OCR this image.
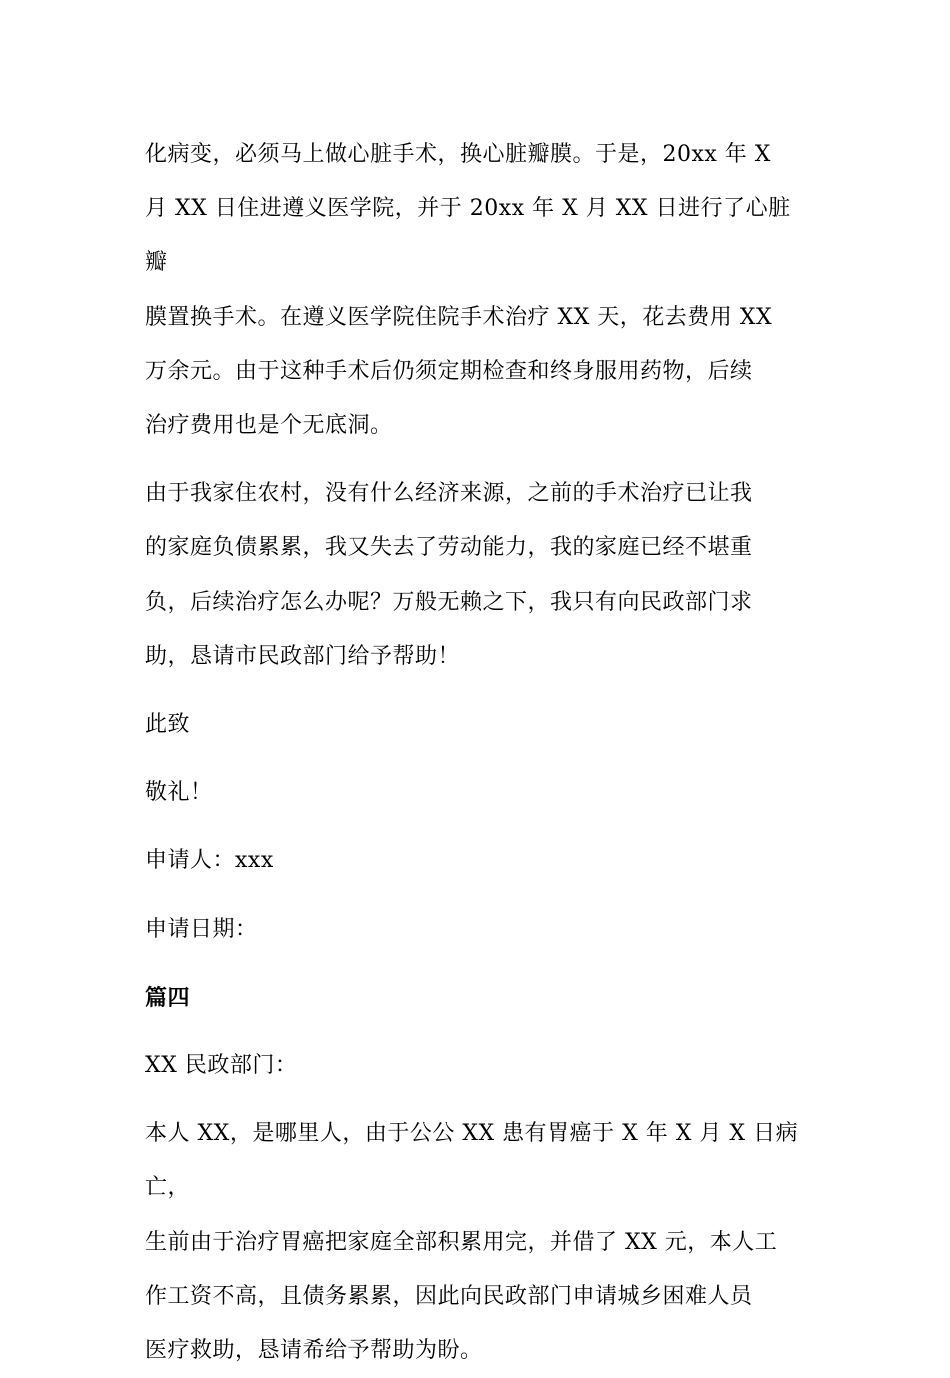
化病变，必须马上做心脏手术，换心脏瓣膜。于是，20xx 年 X
月 XX 日住进遵义医学院，并于 20xx 年 X 月 XX 日进行了心脏瓣
膜置换手术。在遵义医学院住院手术治疗 XX 天，花去费用 XX
万余元。由于这种手术后仍须定期检查和终身服用药物，后续
治疗费用也是个无底洞。

由于我家住农村，没有什么经济来源，之前的手术治疗已让我
的家庭负债累累，我又失去了劳动能力，我的家庭已经不堪重
负，后续治疗怎么办呢？万般无赖之下，我只有向民政部门求
助，恳请市民政部门给予帮助！

此致

敬礼！

申请人：xxx

申请日期：

篇四

XX 民政部门：

本人 XX，是哪里人，由于公公 XX 患有胃癌于 X 年 X 月 X 日病亡，
生前由于治疗胃癌把家庭全部积累用完，并借了 XX 元，本人工
作工资不高，且债务累累，因此向民政部门申请城乡困难人员
医疗救助，恳请希给予帮助为盼。
